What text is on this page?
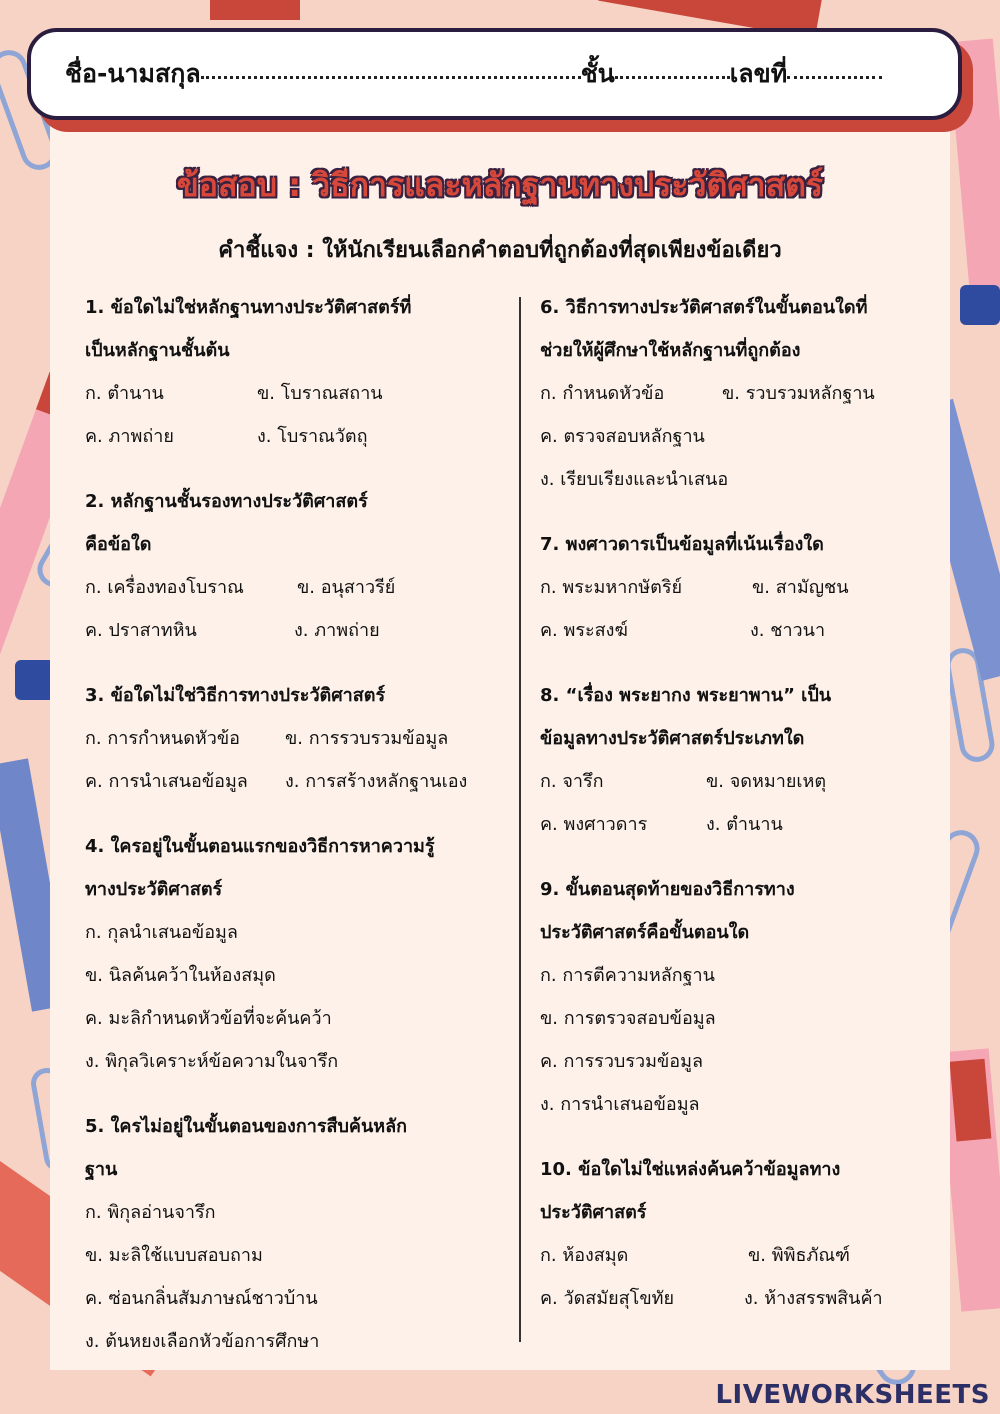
ชื่อ-นามสกุล	ชั้น	เลขที่
ข้อสอบ : วิธีการและหลักฐานทางประวัติศาสตร์
คำชี้แจง : ให้นักเรียนเลือกคำตอบที่ถูกต้องที่สุดเพียงข้อเดียว
1. ข้อใดไม่ใช่หลักฐานทางประวัติศาสตร์ที่
เป็นหลักฐานชั้นต้น
ก. ตำนาน	ข. โบราณสถาน
ค. ภาพถ่าย	ง. โบราณวัตถุ
2. หลักฐานชั้นรองทางประวัติศาสตร์
คือข้อใด
ก. เครื่องทองโบราณ	ข. อนุสาวรีย์
ค. ปราสาทหิน	ง. ภาพถ่าย
3. ข้อใดไม่ใช่วิธีการทางประวัติศาสตร์
ก. การกำหนดหัวข้อ	ข. การรวบรวมข้อมูล
ค. การนำเสนอข้อมูล	ง. การสร้างหลักฐานเอง
4. ใครอยู่ในขั้นตอนแรกของวิธีการหาความรู้
ทางประวัติศาสตร์
ก. กุลนำเสนอข้อมูล
ข. นิลค้นคว้าในห้องสมุด
ค. มะลิกำหนดหัวข้อที่จะค้นคว้า
ง. พิกุลวิเคราะห์ข้อความในจารึก
5. ใครไม่อยู่ในขั้นตอนของการสืบค้นหลัก
ฐาน
ก. พิกุลอ่านจารึก
ข. มะลิใช้แบบสอบถาม
ค. ซ่อนกลิ่นสัมภาษณ์ชาวบ้าน
ง. ต้นหยงเลือกหัวข้อการศึกษา
6. วิธีการทางประวัติศาสตร์ในขั้นตอนใดที่
ช่วยให้ผู้ศึกษาใช้หลักฐานที่ถูกต้อง
ก. กำหนดหัวข้อ	ข. รวบรวมหลักฐาน
ค. ตรวจสอบหลักฐาน
ง. เรียบเรียงและนำเสนอ
7. พงศาวดารเป็นข้อมูลที่เน้นเรื่องใด
ก. พระมหากษัตริย์	ข. สามัญชน
ค. พระสงฆ์	ง. ชาวนา
8. “เรื่อง พระยากง พระยาพาน” เป็น
ข้อมูลทางประวัติศาสตร์ประเภทใด
ก. จารึก	ข. จดหมายเหตุ
ค. พงศาวดาร	ง. ตำนาน
9. ขั้นตอนสุดท้ายของวิธีการทาง
ประวัติศาสตร์คือขั้นตอนใด
ก. การตีความหลักฐาน
ข. การตรวจสอบข้อมูล
ค. การรวบรวมข้อมูล
ง. การนำเสนอข้อมูล
10. ข้อใดไม่ใช่แหล่งค้นคว้าข้อมูลทาง
ประวัติศาสตร์
ก. ห้องสมุด	ข. พิพิธภัณฑ์
ค. วัดสมัยสุโขทัย	ง. ห้างสรรพสินค้า
LIVEWORKSHEETS
